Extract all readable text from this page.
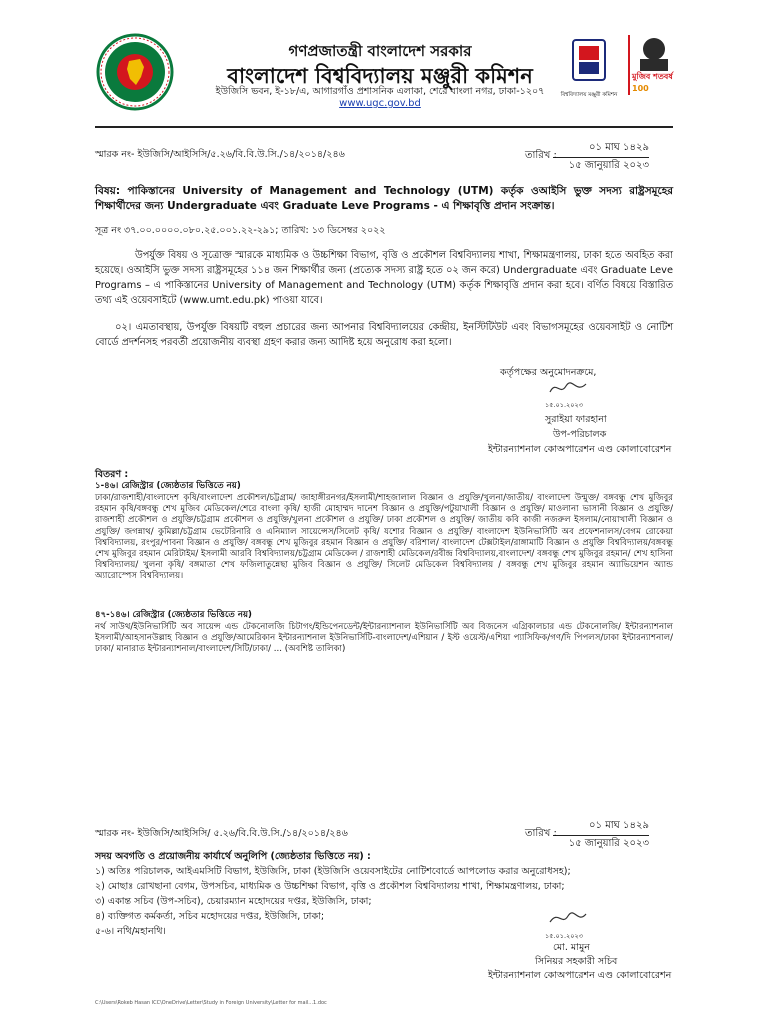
গণপ্রজাতন্ত্রী বাংলাদেশ সরকার
বাংলাদেশ বিশ্ববিদ্যালয় মঞ্জুরী কমিশন
ইউজিসি ভবন, ই-১৮/এ, আগারগাঁও প্রশাসনিক এলাকা, শেরে বাংলা নগর, ঢাকা-১২০৭
www.ugc.gov.bd
বিশ্ববিদ্যালয় মঞ্জুরী কমিশন
মুজিব শতবর্ষ 100
স্মারক নং- ইউজিসি/আইসিসি/৫.২৬/বি.বি.উ.সি./১৪/২০১৪/২৪৬	তারিখ :
০১ মাঘ ১৪২৯
১৫ জানুয়ারি ২০২৩
বিষয়: পাকিস্তানের University of Management and Technology (UTM) কর্তৃক ওআইসি ভুক্ত সদস্য রাষ্ট্রসমূহের শিক্ষার্থীদের জন্য Undergraduate এবং Graduate Leve Programs - এ শিক্ষাবৃত্তি প্রদান সংক্রান্ত।
সূত্র নং ৩৭.০০.০০০০.০৮০.২৫.০০১.২২-২৯১; তারিখ: ১৩ ডিসেম্বর ২০২২
উপর্যুক্ত বিষয় ও সূত্রোক্ত স্মারকে মাধ্যমিক ও উচ্চশিক্ষা বিভাগ, বৃত্তি ও প্রকৌশল বিশ্ববিদ্যালয় শাখা, শিক্ষামন্ত্রণালয়, ঢাকা হতে অবহিত করা হয়েছে। ওআইসি ভুক্ত সদস্য রাষ্ট্রসমূহের ১১৪ জন শিক্ষার্থীর জন্য (প্রত্যেক সদস্য রাষ্ট্র হতে ০২ জন করে) Undergraduate এবং Graduate Leve Programs – এ পাকিস্তানের University of Management and Technology (UTM) কর্তৃক শিক্ষাবৃত্তি প্রদান করা হবে। বর্ণিত বিষয়ে বিস্তারিত তথ্য এই ওয়েবসাইটে (www.umt.edu.pk) পাওয়া যাবে।
০২। এমতাবস্থায়, উপর্যুক্ত বিষয়টি বহুল প্রচারের জন্য আপনার বিশ্ববিদ্যালয়ের কেন্দ্রীয়, ইনস্টিটিউট এবং বিভাগসমূহের ওয়েবসাইট ও নোটিশ বোর্ডে প্রদর্শনসহ পরবর্তী প্রয়োজনীয় ব্যবস্থা গ্রহণ করার জন্য আদিষ্ট হয়ে অনুরোধ করা হলো।
কর্তৃপক্ষের অনুমোদনক্রমে,
১৫.০১.২০২৩
সুরাইয়া ফারহানা
উপ-পরিচালক
ইন্টারন্যাশনাল কোঅপারেশন এণ্ড কোলাবোরেশন
বিতরণ :
১-৪৬। রেজিস্ট্রার (জ্যেষ্ঠতার ভিত্তিতে নয়)
ঢাকা/রাজশাহী/বাংলাদেশ কৃষি/বাংলাদেশ প্রকৌশল/চট্টগ্রাম/ জাহাঙ্গীরনগর/ইসলামী/শাহজালাল বিজ্ঞান ও প্রযুক্তি/খুলনা/জাতীয়/ বাংলাদেশ উন্মুক্ত/ বঙ্গবন্ধু শেখ মুজিবুর রহমান কৃষি/বঙ্গবন্ধু শেখ মুজিব মেডিকেল/শেরে বাংলা কৃষি/ হাজী মোহাম্মদ দানেশ বিজ্ঞান ও প্রযুক্তি/পটুয়াখালী বিজ্ঞান ও প্রযুক্তি/ মাওলানা ভাসানী বিজ্ঞান ও প্রযুক্তি/রাজশাহী প্রকৌশল ও প্রযুক্তি/চট্টগ্রাম প্রকৌশল ও প্রযুক্তি/খুলনা প্রকৌশল ও প্রযুক্তি/ ঢাকা প্রকৌশল ও প্রযুক্তি/ জাতীয় কবি কাজী নজরুল ইসলাম/নোয়াখালী বিজ্ঞান ও প্রযুক্তি/ জগন্নাথ/ কুমিল্লা/চট্টগ্রাম ভেটেরিনারি ও এনিম্যাল সায়েন্সেস/সিলেট কৃষি/ যশোর বিজ্ঞান ও প্রযুক্তি/ বাংলাদেশ ইউনিভার্সিটি অব প্রফেশনালস/বেগম রোকেয়া বিশ্ববিদ্যালয়, রংপুর/পাবনা বিজ্ঞান ও প্রযুক্তি/ বঙ্গবন্ধু শেখ মুজিবুর রহমান বিজ্ঞান ও প্রযুক্তি/ বরিশাল/ বাংলাদেশ টেক্সটাইল/রাঙ্গামাটি বিজ্ঞান ও প্রযুক্তি বিশ্ববিদ্যালয়/বঙ্গবন্ধু শেখ মুজিবুর রহমান মেরিটাইম/ ইসলামী আরবি বিশ্ববিদ্যালয়/চট্টগ্রাম মেডিকেল / রাজশাহী মেডিকেল/রবীন্দ্র বিশ্ববিদ্যালয়,বাংলাদেশ/ বঙ্গবন্ধু শেখ মুজিবুর রহমান/ শেখ হাসিনা বিশ্ববিদ্যালয়/ খুলনা কৃষি/ বঙ্গমাতা শেখ ফজিলাতুন্নেছা মুজিব বিজ্ঞান ও প্রযুক্তি/ সিলেট মেডিকেল বিশ্ববিদ্যালয় / বঙ্গবন্ধু শেখ মুজিবুর রহমান অ্যাভিয়েশন অ্যান্ড অ্যারোস্পেস বিশ্ববিদ্যালয়।
৪৭-১৪৬। রেজিস্ট্রার (জ্যেষ্ঠতার ভিত্তিতে নয়)
নর্থ সাউথ/ইউনিভার্সিটি অব সায়েন্স এন্ড টেকনোলজি চিটাগং/ইন্ডিপেনডেন্ট/ইন্টারন্যাশনাল ইউনিভার্সিটি অব বিজনেস এগ্রিকালচার এন্ড টেকনোলজি/ ইন্টারন্যাশনাল ইসলামী/আহসানউল্লাহ বিজ্ঞান ও প্রযুক্তি/আমেরিকান ইন্টারন্যাশনাল ইউনিভার্সিটি-বাংলাদেশ/এশিয়ান / ইস্ট ওয়েস্ট/এশিয়া প্যাসিফিক/গণ/দি পিপলস/ঢাকা ইন্টারন্যাশনাল/ ঢাকা/ মানারাত ইন্টারন্যাশনাল/বাংলাদেশ/সিটি/ঢাকা/ ... (অবশিষ্ট তালিকা)
স্মারক নং- ইউজিসি/আইসিসি/ ৫.২৬/বি.বি.উ.সি./১৪/২০১৪/২৪৬	তারিখ :
০১ মাঘ ১৪২৯
১৫ জানুয়ারি ২০২৩
সদয় অবগতি ও প্রয়োজনীয় কার্যার্থে অনুলিপি (জ্যেষ্ঠতার ভিত্তিতে নয়) :
১) অতিঃ পরিচালক, আইএমসিটি বিভাগ, ইউজিসি, ঢাকা (ইউজিসি ওয়েবসাইটের নোটিশবোর্ডে আপলোড করার অনুরোধসহ);
২) মোছাঃ রোখছানা বেগম, উপসচিব, মাধ্যমিক ও উচ্চশিক্ষা বিভাগ, বৃত্তি ও প্রকৌশল বিশ্ববিদ্যালয় শাখা, শিক্ষামন্ত্রণালয়, ঢাকা;
৩) একান্ত সচিব (উপ-সচিব), চেয়ারম্যান মহোদয়ের দপ্তর, ইউজিসি, ঢাকা;
৪) ব্যক্তিগত কর্মকর্তা, সচিব মহোদয়ের দপ্তর, ইউজিসি, ঢাকা;
৫-৬। নথি/মহানথি।	১৫.০১.২০২৩
মো. মামুন
সিনিয়র সহকারী সচিব
ইন্টারন্যাশনাল কোঅপারেশন এণ্ড কোলাবোরেশন
C:\Users\Rokeb Hasan ICC\OneDrive\Letter\Study in Foreign University\Letter for mail...1.doc
